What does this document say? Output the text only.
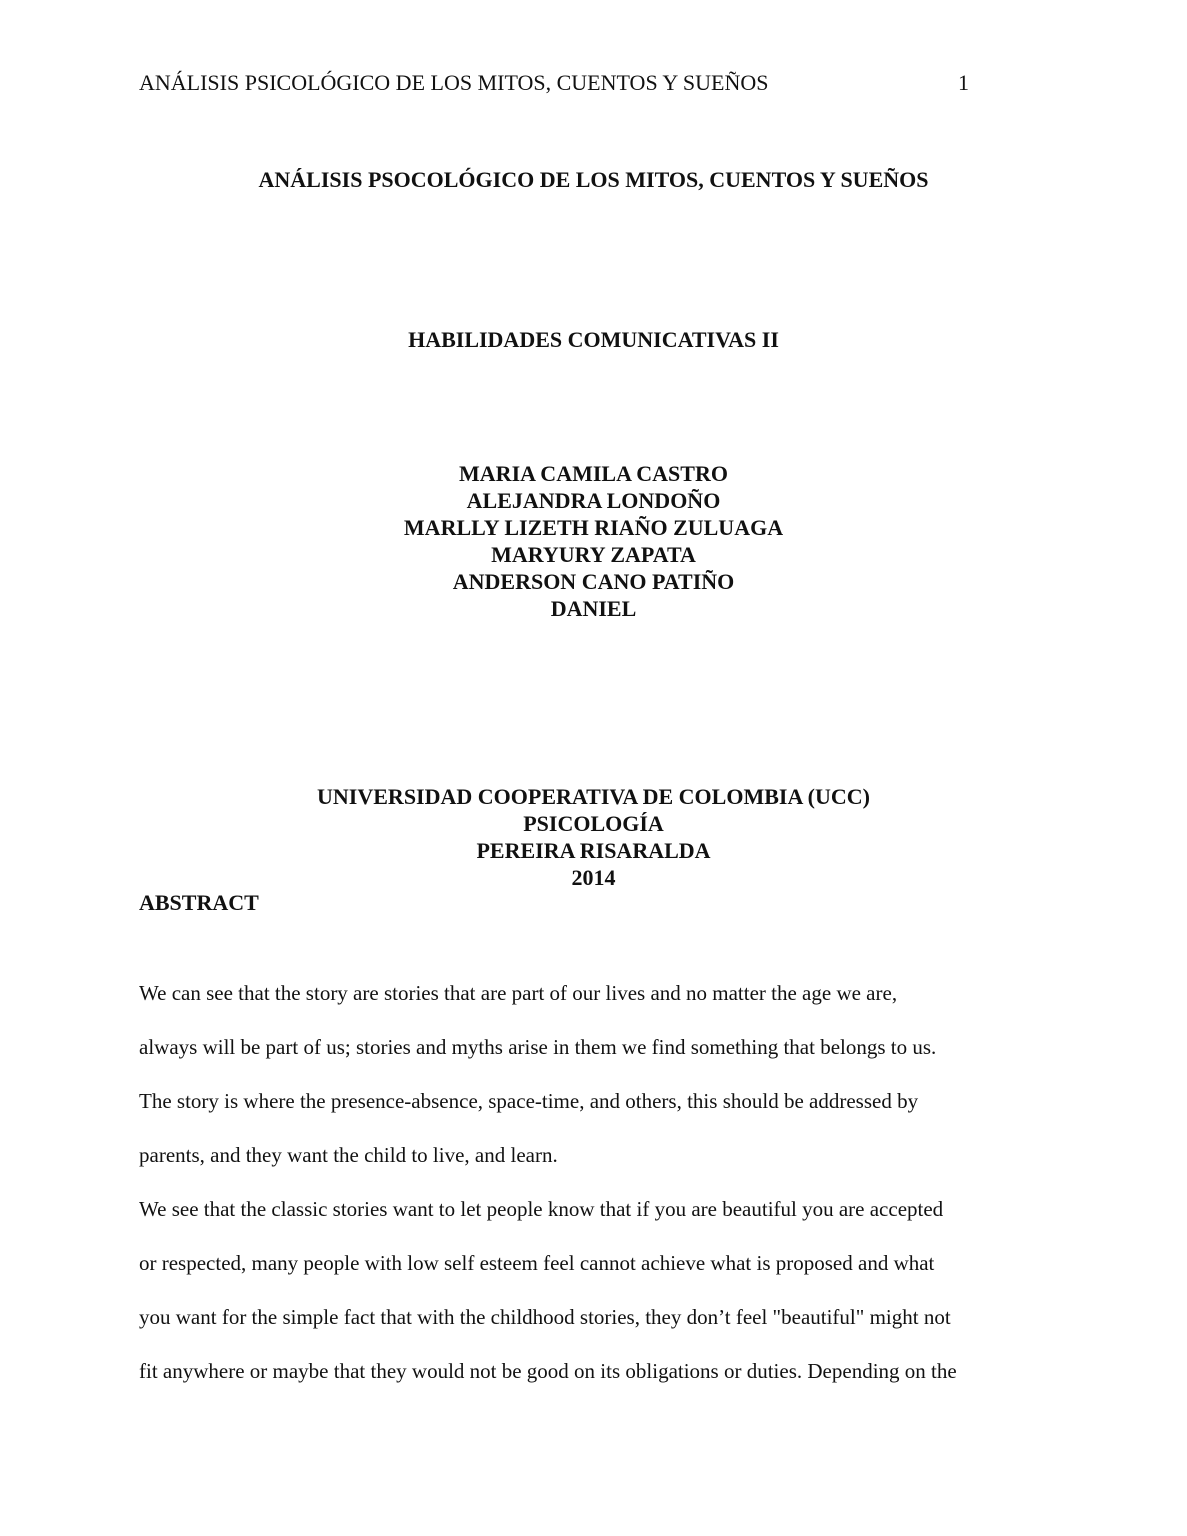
ANÁLISIS PSICOLÓGICO DE LOS MITOS, CUENTOS Y SUEÑOS	1
ANÁLISIS PSOCOLÓGICO DE LOS MITOS, CUENTOS Y SUEÑOS
HABILIDADES COMUNICATIVAS II
MARIA CAMILA CASTRO
ALEJANDRA LONDOÑO
MARLLY LIZETH RIAÑO ZULUAGA
MARYURY ZAPATA
ANDERSON CANO PATIÑO
DANIEL
UNIVERSIDAD COOPERATIVA DE COLOMBIA (UCC)
PSICOLOGÍA
PEREIRA RISARALDA
2014
ABSTRACT
We can see that the story are stories that are part of our lives and no matter the age we are,
always will be part of us; stories and myths arise in them we find something that belongs to us.
The story is where the presence-absence, space-time, and others, this should be addressed by
parents, and they want the child to live, and learn.
We see that the classic stories want to let people know that if you are beautiful you are accepted
or respected, many people with low self esteem feel cannot achieve what is proposed and what
you want for the simple fact that with the childhood stories, they don’t feel "beautiful" might not
fit anywhere or maybe that they would not be good on its obligations or duties. Depending on the
